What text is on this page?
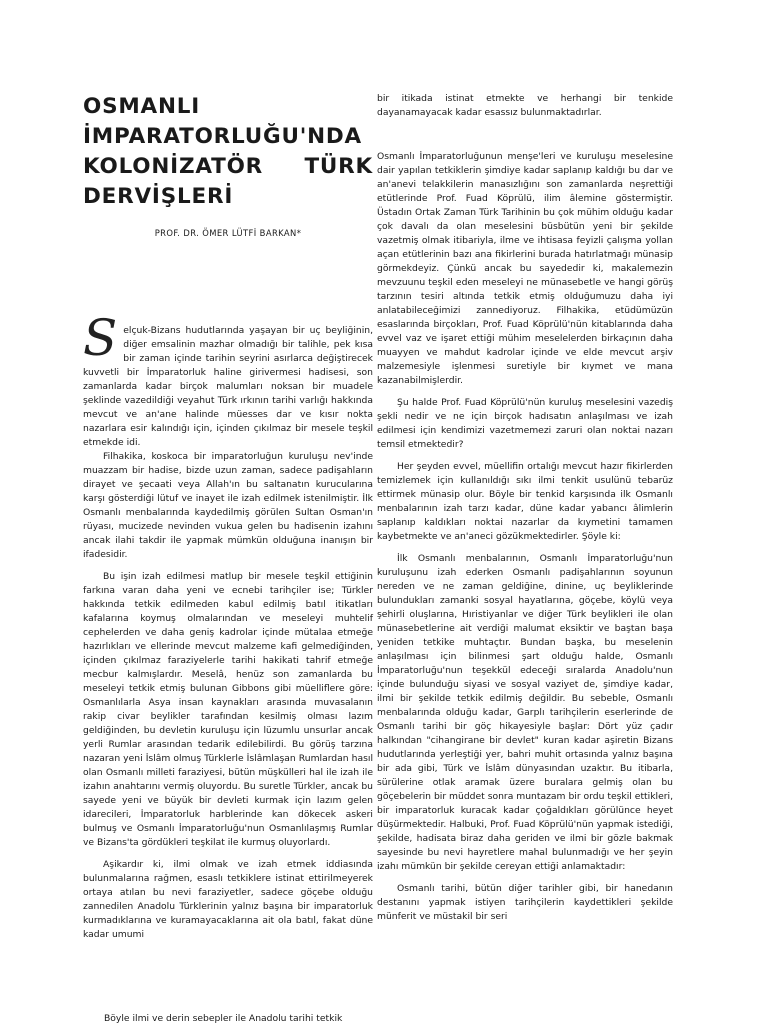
OSMANLI
İMPARATORLUĞU'NDA
KOLONİZATÖR TÜRK
DERVİŞLERİ
PROF. DR. ÖMER LÜTFİ BARKAN*
S elçuk-Bizans hudutlarında yaşayan bir uç beyliğinin, diğer emsalinin mazhar olmadığı bir talihle, pek kısa bir zaman içinde tarihin seyrini asırlarca değiştirecek kuvvetli bir İmparatorluk haline girivermesi hadisesi, son zamanlarda kadar birçok malumları noksan bir muadele şeklinde vazedildiği veyahut Türk ırkının tarihi varlığı hakkında mevcut ve an'ane halinde müesses dar ve kısır nokta nazarlara esir kalındığı için, içinden çıkılmaz bir mesele teşkil etmekde idi.

Filhakika, koskoca bir imparatorluğun kuruluşu nev'inde muazzam bir hadise, bizde uzun zaman, sadece padişahların dirayet ve şecaati veya Allah'ın bu saltanatın kurucularına karşı gösterdiği lütuf ve inayet ile izah edilmek istenilmiştir. İlk Osmanlı menbalarında kaydedilmiş görülen Sultan Osman'ın rüyası, mucizede nevinden vukua gelen bu hadisenin izahını ancak ilahi takdir ile yapmak mümkün olduğuna inanışın bir ifadesidir.

Bu işin izah edilmesi matlup bir mesele teşkil ettiğinin farkına varan daha yeni ve ecnebi tarihçiler ise; Türkler hakkında tetkik edilmeden kabul edilmiş batıl itikatları kafalarına koymuş olmalarından ve meseleyi muhtelif cephelerden ve daha geniş kadrolar içinde mütalaa etmeğe hazırlıkları ve ellerinde mevcut malzeme kafi gelmediğinden, içinden çıkılmaz faraziyelerle tarihi hakikati tahrif etmeğe mecbur kalmışlardır. Meselâ, henüz son zamanlarda bu meseleyi tetkik etmiş bulunan Gibbons gibi müelliflere göre: Osmanlılarla Asya insan kaynakları arasında muvasalanın rakip civar beylikler tarafından kesilmiş olması lazım geldiğinden, bu devletin kuruluşu için lüzumlu unsurlar ancak yerli Rumlar arasından tedarik edilebilirdi. Bu görüş tarzına nazaran yeni İslâm olmuş Türklerle İslâmlaşan Rumlardan hasıl olan Osmanlı milleti faraziyesi, bütün müşkülleri hal ile izah ile izahın anahtarını vermiş oluyordu. Bu suretle Türkler, ancak bu sayede yeni ve büyük bir devleti kurmak için lazım gelen idarecileri, İmparatorluk harblerinde kan dökecek askeri bulmuş ve Osmanlı İmparatorluğu'nun Osmanlılaşmış Rumlar ve Bizans'ta gördükleri teşkilat ile kurmuş oluyorlardı.

Aşikardır ki, ilmi olmak ve izah etmek iddiasında bulunmalarına rağmen, esaslı tetkiklere istinat ettirilmeyerek ortaya atılan bu nevi faraziyetler, sadece göçebe olduğu zannedilen Anadolu Türklerinin yalnız başına bir imparatorluk kurmadıklarına ve kuramayacaklarına ait ola batıl, fakat düne kadar umumi

Böyle ilmi ve derin sebepler ile Anadolu tarihi tetkik

bir itikada istinat etmekte ve herhangi bir tenkide dayanamayacak kadar esassız bulunmaktadırlar.

Osmanlı İmparatorluğunun menşe'leri ve kuruluşu meselesine dair yapılan tetkiklerin şimdiye kadar saplanıp kaldığı bu dar ve an'anevi telakkilerin manasızlığını son zamanlarda neşrettiği etütlerinde Prof. Fuad Köprülü, ilim âlemine göstermiştir. Üstadın Ortak Zaman Türk Tarihinin bu çok mühim olduğu kadar çok davalı da olan meselesini büsbütün yeni bir şekilde vazetmiş olmak itibariyla, ilme ve ihtisasa feyizli çalışma yollan açan etütlerinin bazı ana fikirlerini burada hatırlatmağı münasip görmekdeyiz. Çünkü ancak bu sayededir ki, makalemezin mevzuunu teşkil eden meseleyi ne münasebetle ve hangi görüş tarzının tesiri altında tetkik etmiş olduğumuzu daha iyi anlatabileceğimizi zannediyoruz. Filhakika, etüdümüzün esaslarında birçokları, Prof. Fuad Köprülü'nün kitablarında daha evvel vaz ve işaret ettiği mühim meselelerden birkaçının daha muayyen ve mahdut kadrolar içinde ve elde mevcut arşiv malzemesiyle işlenmesi suretiyle bir kıymet ve mana kazanabilmişlerdir.

Şu halde Prof. Fuad Köprülü'nün kuruluş meselesini vazediş şekli nedir ve ne için birçok hadısatın anlaşılması ve izah edilmesi için kendimizi vazetmemezi zaruri olan noktai nazarı temsil etmektedir?

Her şeyden evvel, müellifin ortalığı mevcut hazır fikirlerden temizlemek için kullanıldığı sıkı ilmi tenkit usulünü tebarüz ettirmek münasip olur. Böyle bir tenkid karşısında ilk Osmanlı menbalarının izah tarzı kadar, düne kadar yabancı âlimlerin saplanıp kaldıkları noktai nazarlar da kıymetini tamamen kaybetmekte ve an'aneci gözükmektedirler. Şöyle ki:

İlk Osmanlı menbalarının, Osmanlı İmparatorluğu'nun kuruluşunu izah ederken Osmanlı padişahlarının soyunun nereden ve ne zaman geldiğine, dinine, uç beyliklerinde bulundukları zamanki sosyal hayatlarına, göçebe, köylü veya şehirli oluşlarına, Hıristiyanlar ve diğer Türk beylikleri ile olan münasebetlerine ait verdiği malumat eksiktir ve baştan başa yeniden tetkike muhtaçtır. Bundan başka, bu meselenin anlaşılması için bilinmesi şart olduğu halde, Osmanlı İmparatorluğu'nun teşekkül edeceği sıralarda Anadolu'nun içinde bulunduğu siyasi ve sosyal vaziyet de, şimdiye kadar, ilmi bir şekilde tetkik edilmiş değildir. Bu sebeble, Osmanlı menbalarında olduğu kadar, Garplı tarihçilerin eserlerinde de Osmanlı tarihi bir göç hikayesiyle başlar: Dört yüz çadır halkından "cihangirane bir devlet" kuran kadar aşiretin Bizans hudutlarında yerleştiği yer, bahri muhit ortasında yalnız başına bir ada gibi, Türk ve İslâm dünyasından uzaktır. Bu itibarla, sürülerine otlak aramak üzere buralara gelmiş olan bu göçebelerin bir müddet sonra muntazam bir ordu teşkil ettikleri, bir imparatorluk kuracak kadar çoğaldıkları görülünce heyet düşürmektedir. Halbuki, Prof. Fuad Köprülü'nün yapmak istediği, şekilde, hadisata biraz daha geriden ve ilmi bir gözle bakmak sayesinde bu nevi hayretlere mahal bulunmadığı ve her şeyin izahı mümkün bir şekilde cereyan ettiği anlamaktadır:

Osmanlı tarihi, bütün diğer tarihler gibi, bir hanedanın destanını yapmak istiyen tarihçilerin kaydettikleri şekilde münferit ve müstakil bir seri
